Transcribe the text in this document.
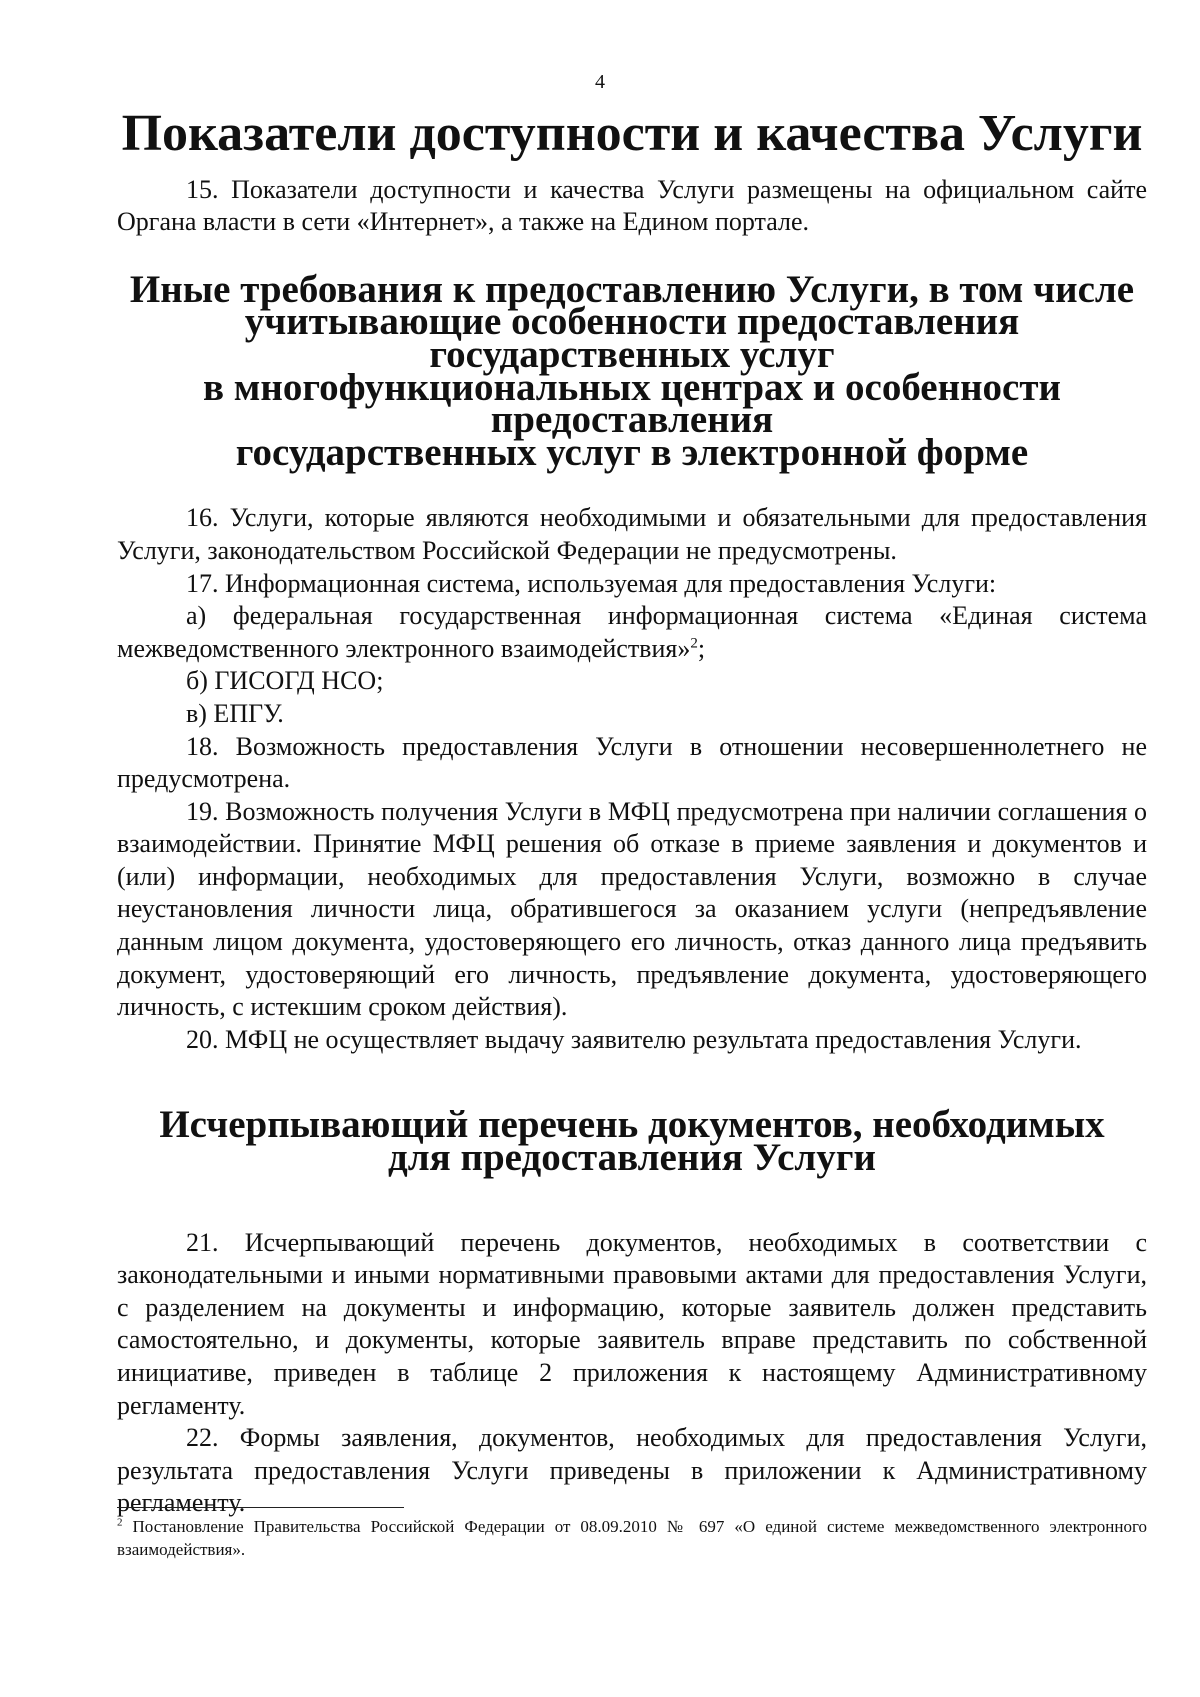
4
Показатели доступности и качества Услуги

15. Показатели доступности и качества Услуги размещены на официальном сайте Органа власти в сети «Интернет», а также на Едином портале.

Иные требования к предоставлению Услуги, в том числе
учитывающие особенности предоставления государственных услуг
в многофункциональных центрах и особенности предоставления
государственных услуг в электронной форме

16. Услуги, которые являются необходимыми и обязательными для предоставления Услуги, законодательством Российской Федерации не предусмотрены.

17. Информационная система, используемая для предоставления Услуги:

а) федеральная государственная информационная система «Единая система межведомственного электронного взаимодействия»$^2$;

б) ГИСОГД НСО;

в) ЕПГУ.

18. Возможность предоставления Услуги в отношении несовершеннолетнего не предусмотрена.

19. Возможность получения Услуги в МФЦ предусмотрена при наличии соглашения о взаимодействии. Принятие МФЦ решения об отказе в приеме заявления и документов и (или) информации, необходимых для предоставления Услуги, возможно в случае неустановления личности лица, обратившегося за оказанием услуги (непредъявление данным лицом документа, удостоверяющего его личность, отказ данного лица предъявить документ, удостоверяющий его личность, предъявление документа, удостоверяющего личность, с истекшим сроком действия).

20. МФЦ не осуществляет выдачу заявителю результата предоставления Услуги.

Исчерпывающий перечень документов, необходимых
для предоставления Услуги

21. Исчерпывающий перечень документов, необходимых в соответствии с законодательными и иными нормативными правовыми актами для предоставления Услуги, с разделением на документы и информацию, которые заявитель должен представить самостоятельно, и документы, которые заявитель вправе представить по собственной инициативе, приведен в таблице 2 приложения к настоящему Административному регламенту.

22. Формы заявления, документов, необходимых для предоставления Услуги, результата предоставления Услуги приведены в приложении к Административному регламенту.

$^2$ Постановление Правительства Российской Федерации от 08.09.2010 № 697 «О единой системе межведомственного электронного взаимодействия».
